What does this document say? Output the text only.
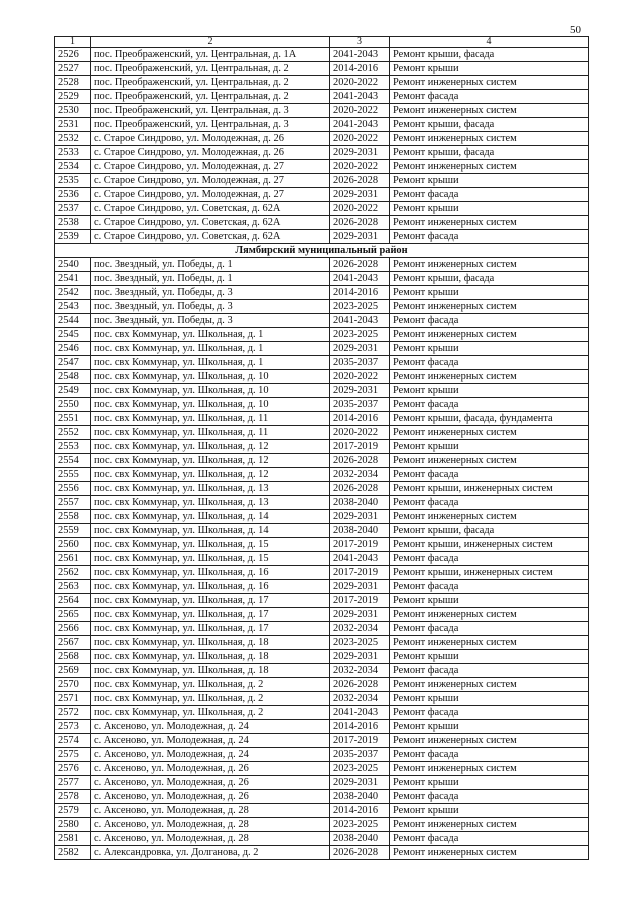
50
1	2	3	4
2526	пос. Преображенский, ул. Центральная, д. 1А	2041-2043	Ремонт крыши, фасада
2527	пос. Преображенский, ул. Центральная, д. 2	2014-2016	Ремонт крыши
2528	пос. Преображенский, ул. Центральная, д. 2	2020-2022	Ремонт инженерных систем
2529	пос. Преображенский, ул. Центральная, д. 2	2041-2043	Ремонт фасада
2530	пос. Преображенский, ул. Центральная, д. 3	2020-2022	Ремонт инженерных систем
2531	пос. Преображенский, ул. Центральная, д. 3	2041-2043	Ремонт крыши, фасада
2532	с. Старое Синдрово, ул. Молодежная, д. 26	2020-2022	Ремонт инженерных систем
2533	с. Старое Синдрово, ул. Молодежная, д. 26	2029-2031	Ремонт крыши, фасада
2534	с. Старое Синдрово, ул. Молодежная, д. 27	2020-2022	Ремонт инженерных систем
2535	с. Старое Синдрово, ул. Молодежная, д. 27	2026-2028	Ремонт крыши
2536	с. Старое Синдрово, ул. Молодежная, д. 27	2029-2031	Ремонт фасада
2537	с. Старое Синдрово, ул. Советская, д. 62А	2020-2022	Ремонт крыши
2538	с. Старое Синдрово, ул. Советская, д. 62А	2026-2028	Ремонт инженерных систем
2539	с. Старое Синдрово, ул. Советская, д. 62А	2029-2031	Ремонт фасада
Лямбирский муниципальный район			
2540	пос. Звездный, ул. Победы, д. 1	2026-2028	Ремонт инженерных систем
2541	пос. Звездный, ул. Победы, д. 1	2041-2043	Ремонт крыши, фасада
2542	пос. Звездный, ул. Победы, д. 3	2014-2016	Ремонт крыши
2543	пос. Звездный, ул. Победы, д. 3	2023-2025	Ремонт инженерных систем
2544	пос. Звездный, ул. Победы, д. 3	2041-2043	Ремонт фасада
2545	пос. свх Коммунар, ул. Школьная, д. 1	2023-2025	Ремонт инженерных систем
2546	пос. свх Коммунар, ул. Школьная, д. 1	2029-2031	Ремонт крыши
2547	пос. свх Коммунар, ул. Школьная, д. 1	2035-2037	Ремонт фасада
2548	пос. свх Коммунар, ул. Школьная, д. 10	2020-2022	Ремонт инженерных систем
2549	пос. свх Коммунар, ул. Школьная, д. 10	2029-2031	Ремонт крыши
2550	пос. свх Коммунар, ул. Школьная, д. 10	2035-2037	Ремонт фасада
2551	пос. свх Коммунар, ул. Школьная, д. 11	2014-2016	Ремонт крыши, фасада, фундамента
2552	пос. свх Коммунар, ул. Школьная, д. 11	2020-2022	Ремонт инженерных систем
2553	пос. свх Коммунар, ул. Школьная, д. 12	2017-2019	Ремонт крыши
2554	пос. свх Коммунар, ул. Школьная, д. 12	2026-2028	Ремонт инженерных систем
2555	пос. свх Коммунар, ул. Школьная, д. 12	2032-2034	Ремонт фасада
2556	пос. свх Коммунар, ул. Школьная, д. 13	2026-2028	Ремонт крыши, инженерных систем
2557	пос. свх Коммунар, ул. Школьная, д. 13	2038-2040	Ремонт фасада
2558	пос. свх Коммунар, ул. Школьная, д. 14	2029-2031	Ремонт инженерных систем
2559	пос. свх Коммунар, ул. Школьная, д. 14	2038-2040	Ремонт крыши, фасада
2560	пос. свх Коммунар, ул. Школьная, д. 15	2017-2019	Ремонт крыши, инженерных систем
2561	пос. свх Коммунар, ул. Школьная, д. 15	2041-2043	Ремонт фасада
2562	пос. свх Коммунар, ул. Школьная, д. 16	2017-2019	Ремонт крыши, инженерных систем
2563	пос. свх Коммунар, ул. Школьная, д. 16	2029-2031	Ремонт фасада
2564	пос. свх Коммунар, ул. Школьная, д. 17	2017-2019	Ремонт крыши
2565	пос. свх Коммунар, ул. Школьная, д. 17	2029-2031	Ремонт инженерных систем
2566	пос. свх Коммунар, ул. Школьная, д. 17	2032-2034	Ремонт фасада
2567	пос. свх Коммунар, ул. Школьная, д. 18	2023-2025	Ремонт инженерных систем
2568	пос. свх Коммунар, ул. Школьная, д. 18	2029-2031	Ремонт крыши
2569	пос. свх Коммунар, ул. Школьная, д. 18	2032-2034	Ремонт фасада
2570	пос. свх Коммунар, ул. Школьная, д. 2	2026-2028	Ремонт инженерных систем
2571	пос. свх Коммунар, ул. Школьная, д. 2	2032-2034	Ремонт крыши
2572	пос. свх Коммунар, ул. Школьная, д. 2	2041-2043	Ремонт фасада
2573	с. Аксеново, ул. Молодежная, д. 24	2014-2016	Ремонт крыши
2574	с. Аксеново, ул. Молодежная, д. 24	2017-2019	Ремонт инженерных систем
2575	с. Аксеново, ул. Молодежная, д. 24	2035-2037	Ремонт фасада
2576	с. Аксеново, ул. Молодежная, д. 26	2023-2025	Ремонт инженерных систем
2577	с. Аксеново, ул. Молодежная, д. 26	2029-2031	Ремонт крыши
2578	с. Аксеново, ул. Молодежная, д. 26	2038-2040	Ремонт фасада
2579	с. Аксеново, ул. Молодежная, д. 28	2014-2016	Ремонт крыши
2580	с. Аксеново, ул. Молодежная, д. 28	2023-2025	Ремонт инженерных систем
2581	с. Аксеново, ул. Молодежная, д. 28	2038-2040	Ремонт фасада
2582	с. Александровка, ул. Долганова, д. 2	2026-2028	Ремонт инженерных систем
